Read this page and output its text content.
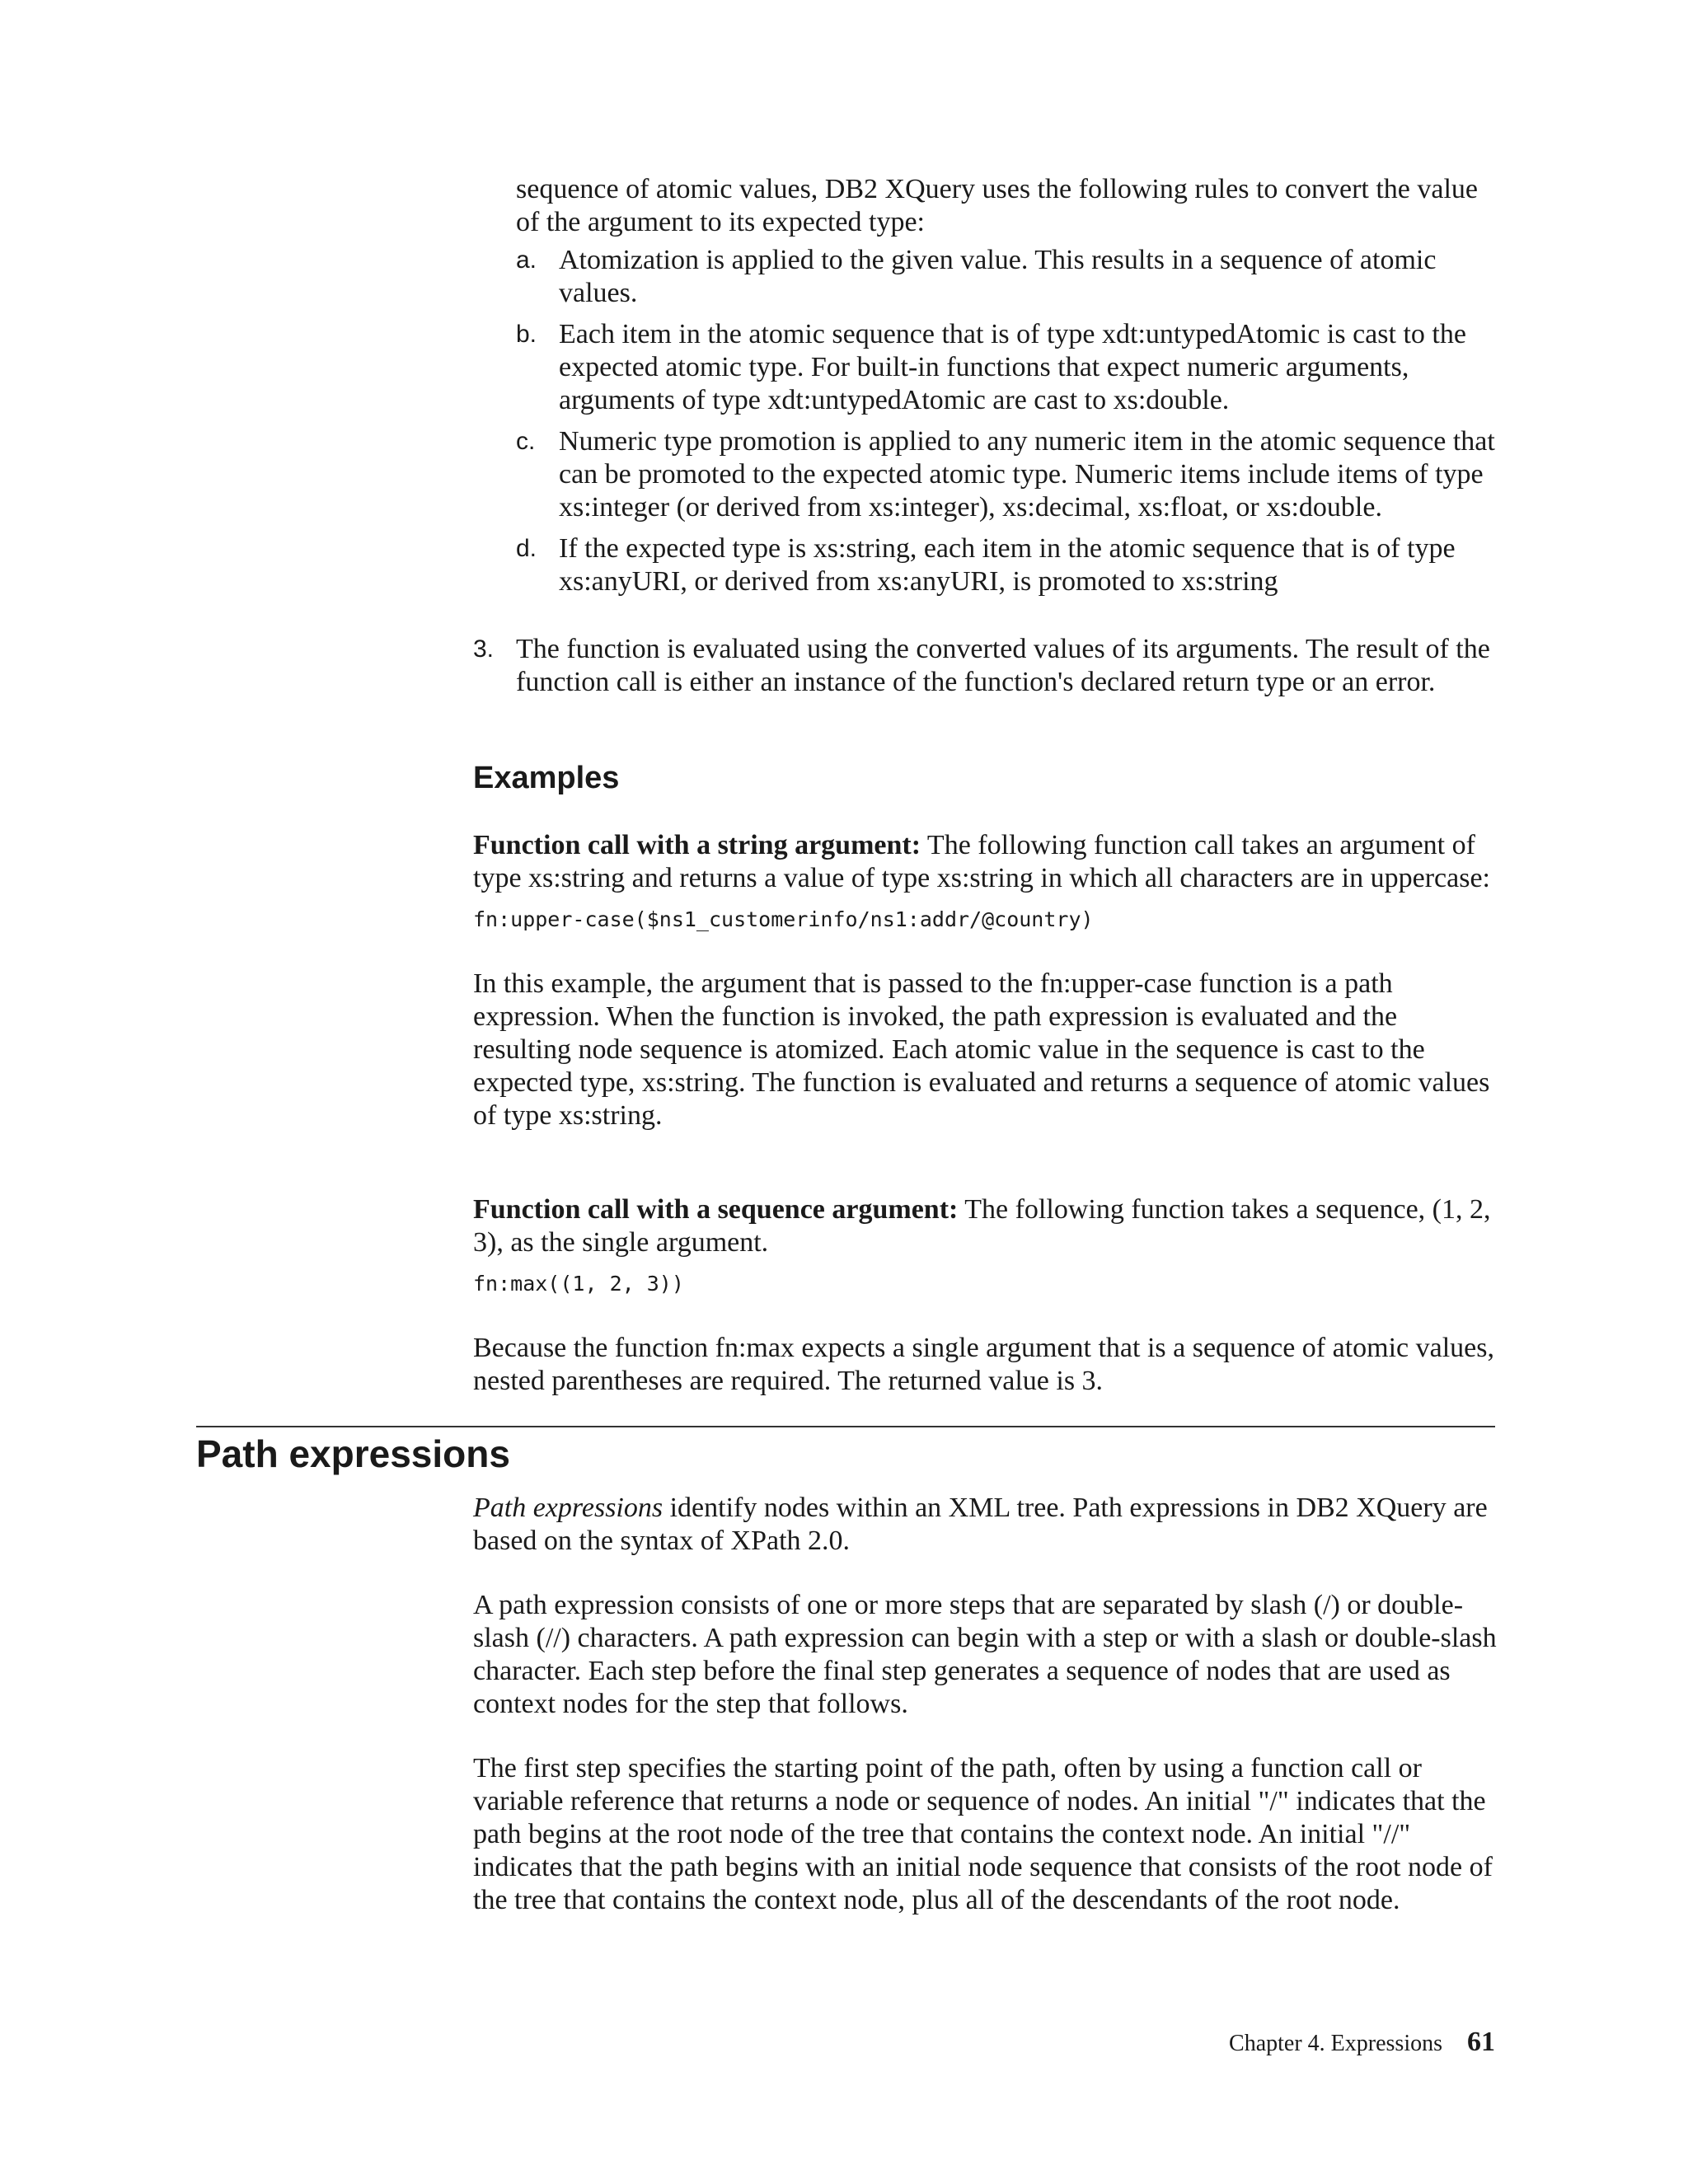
sequence of atomic values, DB2 XQuery uses the following rules to convert the value of the argument to its expected type:

a. Atomization is applied to the given value. This results in a sequence of atomic values.

b. Each item in the atomic sequence that is of type xdt:untypedAtomic is cast to the expected atomic type. For built-in functions that expect numeric arguments, arguments of type xdt:untypedAtomic are cast to xs:double.

c. Numeric type promotion is applied to any numeric item in the atomic sequence that can be promoted to the expected atomic type. Numeric items include items of type xs:integer (or derived from xs:integer), xs:decimal, xs:float, or xs:double.

d. If the expected type is xs:string, each item in the atomic sequence that is of type xs:anyURI, or derived from xs:anyURI, is promoted to xs:string

3. The function is evaluated using the converted values of its arguments. The result of the function call is either an instance of the function's declared return type or an error.

Examples

Function call with a string argument: The following function call takes an argument of type xs:string and returns a value of type xs:string in which all characters are in uppercase:

fn:upper-case($ns1_customerinfo/ns1:addr/@country)

In this example, the argument that is passed to the fn:upper-case function is a path expression. When the function is invoked, the path expression is evaluated and the resulting node sequence is atomized. Each atomic value in the sequence is cast to the expected type, xs:string. The function is evaluated and returns a sequence of atomic values of type xs:string.

Function call with a sequence argument: The following function takes a sequence, (1, 2, 3), as the single argument.

fn:max((1, 2, 3))

Because the function fn:max expects a single argument that is a sequence of atomic values, nested parentheses are required. The returned value is 3.

Path expressions

Path expressions identify nodes within an XML tree. Path expressions in DB2 XQuery are based on the syntax of XPath 2.0.

A path expression consists of one or more steps that are separated by slash (/) or double-slash (//) characters. A path expression can begin with a step or with a slash or double-slash character. Each step before the final step generates a sequence of nodes that are used as context nodes for the step that follows.

The first step specifies the starting point of the path, often by using a function call or variable reference that returns a node or sequence of nodes. An initial "/" indicates that the path begins at the root node of the tree that contains the context node. An initial "//" indicates that the path begins with an initial node sequence that consists of the root node of the tree that contains the context node, plus all of the descendants of the root node.

Chapter 4. Expressions 61
